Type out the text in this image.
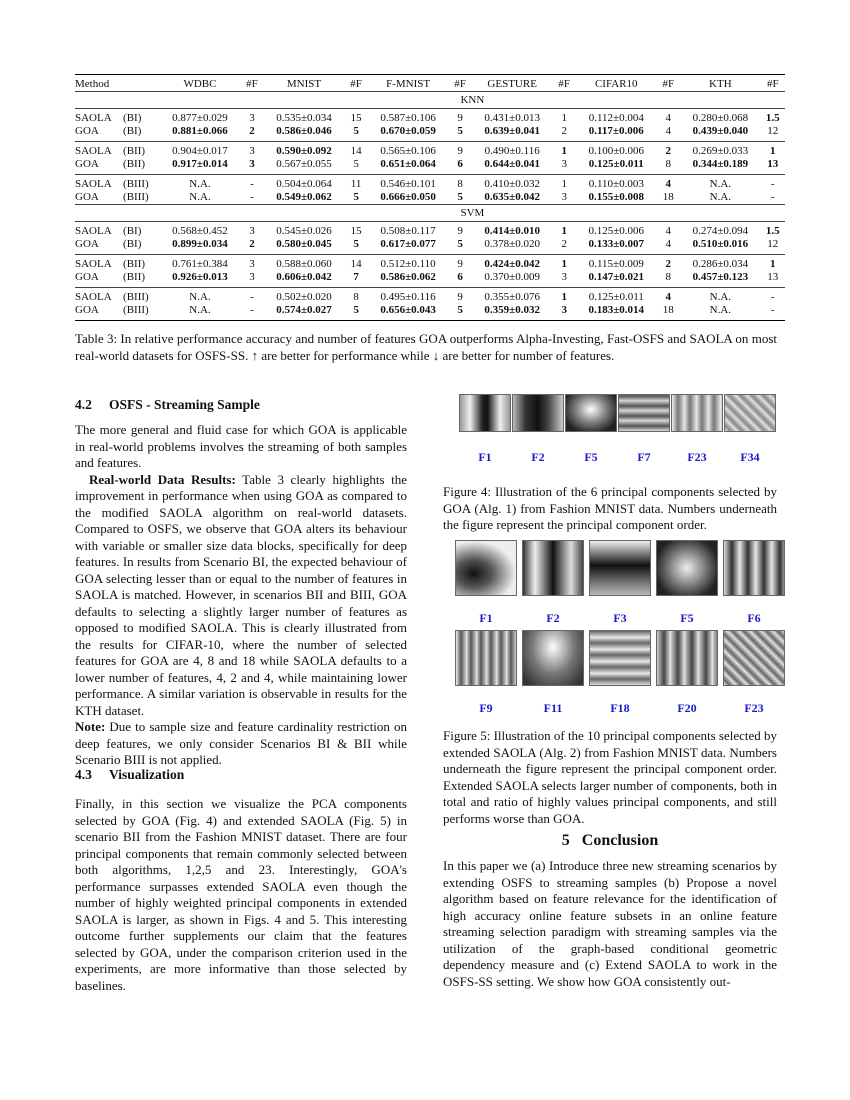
Method		WDBC	#F	MNIST	#F	F-MNIST	#F	GESTURE	#F	CIFAR10	#F	KTH	#F
		KNN											
SAOLA	(BI)	0.877±0.029	3	0.535±0.034	15	0.587±0.106	9	0.431±0.013	1	0.112±0.004	4	0.280±0.068	1.5
GOA	(BI)	0.881±0.066	2	0.586±0.046	5	0.670±0.059	5	0.639±0.041	2	0.117±0.006	4	0.439±0.040	12
SAOLA	(BII)	0.904±0.017	3	0.590±0.092	14	0.565±0.106	9	0.490±0.116	1	0.100±0.006	2	0.269±0.033	1
GOA	(BII)	0.917±0.014	3	0.567±0.055	5	0.651±0.064	6	0.644±0.041	3	0.125±0.011	8	0.344±0.189	13
SAOLA	(BIII)	N.A.	-	0.504±0.064	11	0.546±0.101	8	0.410±0.032	1	0.110±0.003	4	N.A.	-
GOA	(BIII)	N.A.	-	0.549±0.062	5	0.666±0.050	5	0.635±0.042	3	0.155±0.008	18	N.A.	-
		SVM											
SAOLA	(BI)	0.568±0.452	3	0.545±0.026	15	0.508±0.117	9	0.414±0.010	1	0.125±0.006	4	0.274±0.094	1.5
GOA	(BI)	0.899±0.034	2	0.580±0.045	5	0.617±0.077	5	0.378±0.020	2	0.133±0.007	4	0.510±0.016	12
SAOLA	(BII)	0.761±0.384	3	0.588±0.060	14	0.512±0.110	9	0.424±0.042	1	0.115±0.009	2	0.286±0.034	1
GOA	(BII)	0.926±0.013	3	0.606±0.042	7	0.586±0.062	6	0.370±0.009	3	0.147±0.021	8	0.457±0.123	13
SAOLA	(BIII)	N.A.	-	0.502±0.020	8	0.495±0.116	9	0.355±0.076	1	0.125±0.011	4	N.A.	-
GOA	(BIII)	N.A.	-	0.574±0.027	5	0.656±0.043	5	0.359±0.032	3	0.183±0.014	18	N.A.	-
Table 3: In relative performance accuracy and number of features GOA outperforms Alpha-Investing, Fast-OSFS and SAOLA on most real-world datasets for OSFS-SS. ↑ are better for performance while ↓ are better for number of features.
4.2 OSFS - Streaming Sample

The more general and fluid case for which GOA is applicable in real-world problems involves the streaming of both samples and features.

Real-world Data Results: Table 3 clearly highlights the improvement in performance when using GOA as compared to the modified SAOLA algorithm on real-world datasets. Compared to OSFS, we observe that GOA alters its behaviour with variable or smaller size data blocks, specifically for deep features. In results from Scenario BI, the expected behaviour of GOA selecting lesser than or equal to the number of features in SAOLA is matched. However, in scenarios BII and BIII, GOA defaults to selecting a slightly larger number of features as opposed to modified SAOLA. This is clearly illustrated from the results for CIFAR-10, where the number of selected features for GOA are 4, 8 and 18 while SAOLA defaults to a lower number of features, 4, 2 and 4, while maintaining lower performance. A similar variation is observable in results for the KTH dataset.

Note: Due to sample size and feature cardinality restriction on deep features, we only consider Scenarios BI & BII while Scenario BIII is not applied.

4.3 Visualization

Finally, in this section we visualize the PCA components selected by GOA (Fig. 4) and extended SAOLA (Fig. 5) in scenario BII from the Fashion MNIST dataset. There are four principal components that remain commonly selected between both algorithms, 1,2,5 and 23. Interestingly, GOA's performance surpasses extended SAOLA even though the number of highly weighted principal components in extended SAOLA is larger, as shown in Figs. 4 and 5. This interesting outcome further supplements our claim that the features selected by GOA, under the comparison criterion used in the experiments, are more informative than those selected by baselines.

F1	F2	F5	F7	F23	F34
Figure 4: Illustration of the 6 principal components selected by GOA (Alg. 1) from Fashion MNIST data. Numbers underneath the figure represent the principal component order.
F1	F2	F3	F5	F6
F9	F11	F18	F20	F23
Figure 5: Illustration of the 10 principal components selected by extended SAOLA (Alg. 2) from Fashion MNIST data. Numbers underneath the figure represent the principal component order. Extended SAOLA selects larger number of components, both in total and ratio of highly values principal components, and still performs worse than GOA.
5 Conclusion

In this paper we (a) Introduce three new streaming scenarios by extending OSFS to streaming samples (b) Propose a novel algorithm based on feature relevance for the identification of high accuracy online feature subsets in an online feature streaming selection paradigm with streaming samples via the utilization of the graph-based conditional geometric dependency measure and (c) Extend SAOLA to work in the OSFS-SS setting. We show how GOA consistently out-
